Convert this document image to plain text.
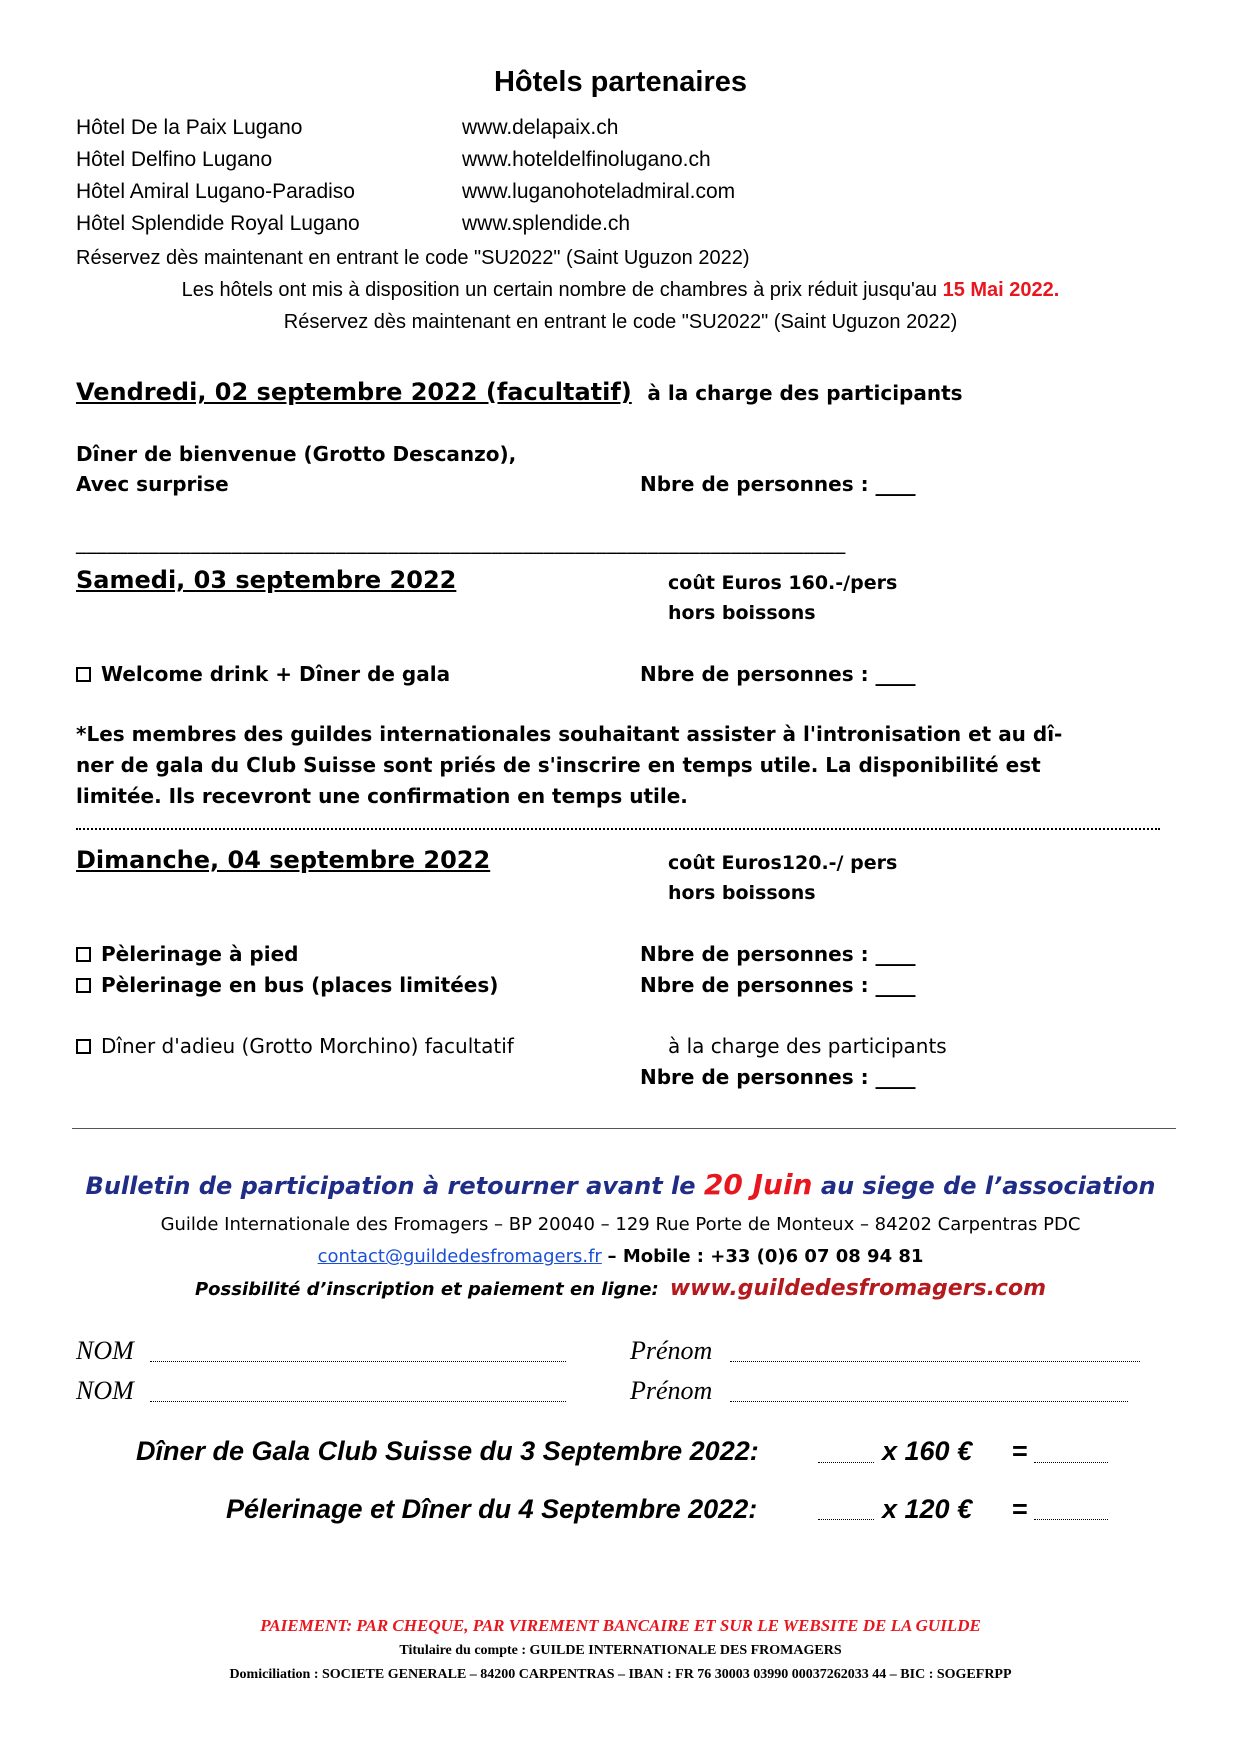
Hôtels partenaires
Hôtel De la Paix Lugano	www.delapaix.ch
Hôtel Delfino Lugano	www.hoteldelfinolugano.ch
Hôtel Amiral Lugano-Paradiso	www.luganohoteladmiral.com
Hôtel Splendide Royal Lugano	www.splendide.ch
Réservez dès maintenant en entrant le code "SU2022" (Saint Uguzon 2022)
Les hôtels ont mis à disposition un certain nombre de chambres à prix réduit jusqu'au 15 Mai 2022.
Réservez dès maintenant en entrant le code "SU2022" (Saint Uguzon 2022)
Vendredi, 02 septembre 2022 (facultatif) à la charge des participants
Dîner de bienvenue (Grotto Descanzo),
Avec surprise	Nbre de personnes : ____
__________________________________________________________________________
Samedi, 03 septembre 2022	coût Euros 160.-/pers
hors boissons
Welcome drink + Dîner de gala	Nbre de personnes : ____
*Les membres des guildes internationales souhaitant assister à l'intronisation et au dî-
ner de gala du Club Suisse sont priés de s'inscrire en temps utile. La disponibilité est
limitée. Ils recevront une confirmation en temps utile.
Dimanche, 04 septembre 2022	coût Euros120.-/ pers
hors boissons
Pèlerinage à pied	Nbre de personnes : ____
Pèlerinage en bus (places limitées)	Nbre de personnes : ____
Dîner d'adieu (Grotto Morchino) facultatif	à la charge des participants
Nbre de personnes : ____
Bulletin de participation à retourner avant le 20 Juin au siege de l’association
Guilde Internationale des Fromagers – BP 20040 – 129 Rue Porte de Monteux – 84202 Carpentras PDC
contact@guildedesfromagers.fr – Mobile : +33 (0)6 07 08 94 81
Possibilité d’inscription et paiement en ligne: www.guildedesfromagers.com
NOM	Prénom
NOM	Prénom
Dîner de Gala Club Suisse du 3 Septembre 2022:	x 160 € =
Pélerinage et Dîner du 4 Septembre 2022:	x 120 € =
PAIEMENT: PAR CHEQUE, PAR VIREMENT BANCAIRE ET SUR LE WEBSITE DE LA GUILDE
Titulaire du compte : GUILDE INTERNATIONALE DES FROMAGERS
Domiciliation : SOCIETE GENERALE – 84200 CARPENTRAS – IBAN : FR 76 30003 03990 00037262033 44 – BIC : SOGEFRPP
